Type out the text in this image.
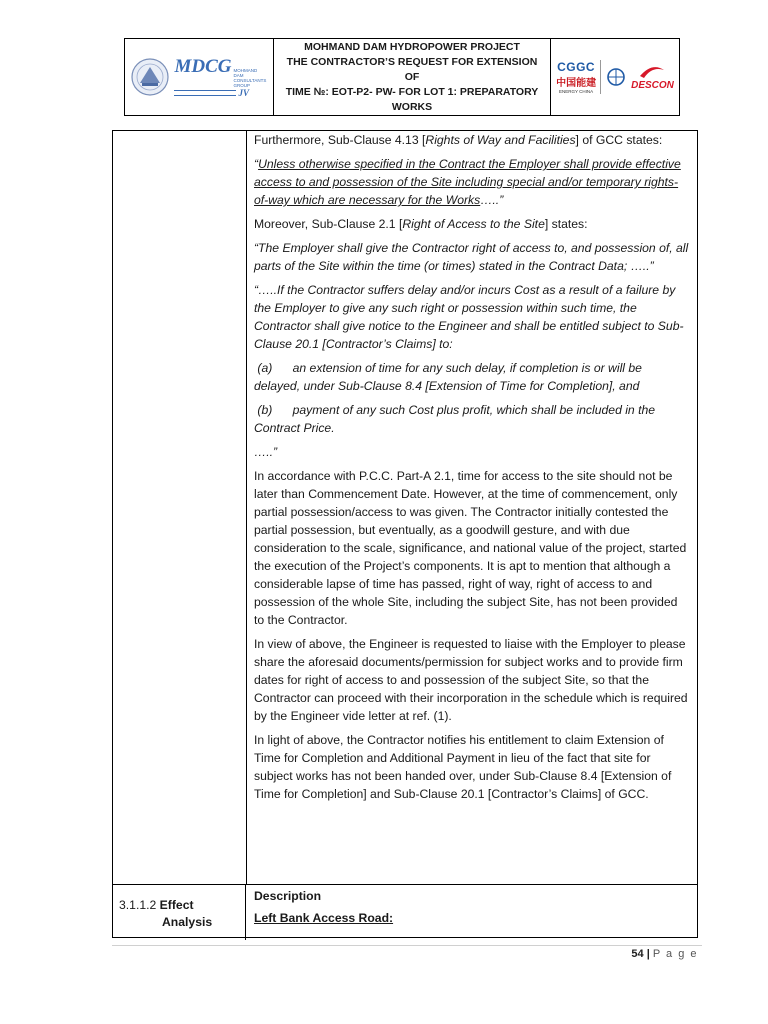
MDCG MOHMAND DAM CONSULTANTS GROUP
JV
MOHMAND DAM HYDROPOWER PROJECT
THE CONTRACTOR’S REQUEST FOR EXTENSION OF
TIME №: EOT-P2- PW- FOR LOT 1: PREPARATORY
WORKS
CGGC
中国能建
ENERGY CHINA
DESCON

Furthermore, Sub-Clause 4.13 [Rights of Way and Facilities] of GCC states:

“Unless otherwise specified in the Contract the Employer shall provide effective access to and possession of the Site including special and/or temporary rights-of-way which are necessary for the Works…..”

Moreover, Sub-Clause 2.1 [Right of Access to the Site] states:

“The Employer shall give the Contractor right of access to, and possession of, all parts of the Site within the time (or times) stated in the Contract Data; …..”

“…..If the Contractor suffers delay and/or incurs Cost as a result of a failure by the Employer to give any such right or possession within such time, the Contractor shall give notice to the Engineer and shall be entitled subject to Sub-Clause 20.1 [Contractor’s Claims] to:

(a)      an extension of time for any such delay, if completion is or will be delayed, under Sub-Clause 8.4 [Extension of Time for Completion], and

(b)      payment of any such Cost plus profit, which shall be included in the Contract Price.

…..”

In accordance with P.C.C. Part-A 2.1, time for access to the site should not be later than Commencement Date. However, at the time of commencement, only partial possession/access to was given. The Contractor initially contested the partial possession, but eventually, as a goodwill gesture, and with due consideration to the scale, significance, and national value of the project, started the execution of the Project’s components. It is apt to mention that although a considerable lapse of time has passed, right of way, right of access to and possession of the whole Site, including the subject Site, has not been provided to the Contractor.

In view of above, the Engineer is requested to liaise with the Employer to please share the aforesaid documents/permission for subject works and to provide firm dates for right of access to and possession of the subject Site, so that the Contractor can proceed with their incorporation in the schedule which is required by the Engineer vide letter at ref. (1).

In light of above, the Contractor notifies his entitlement to claim Extension of Time for Completion and Additional Payment in lieu of the fact that site for subject works has not been handed over, under Sub-Clause 8.4 [Extension of Time for Completion] and Sub-Clause 20.1 [Contractor’s Claims] of GCC.

3.1.1.2 Effect
Analysis
Description
Left Bank Access Road:
54 | P a g e
